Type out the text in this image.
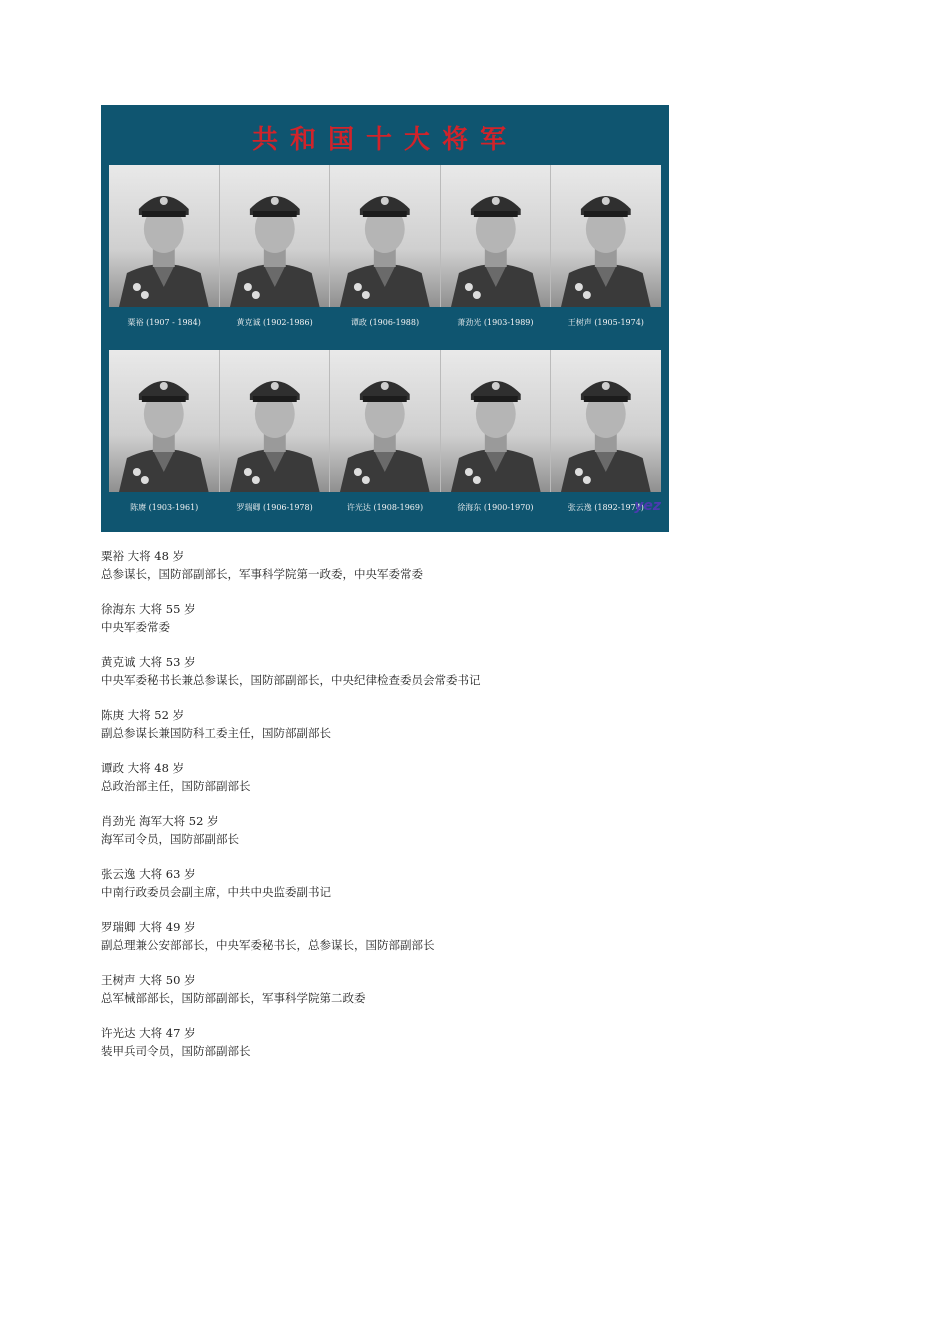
共和国十大将军
粟裕 (1907 - 1984)	黄克诚 (1902-1986)	谭政 (1906-1988)	萧劲光 (1903-1989)	王树声 (1905-1974)
陈赓 (1903-1961)	罗瑞卿 (1906-1978)	许光达 (1908-1969)	徐海东 (1900-1970)	张云逸 (1892-1974)
yez
粟裕 大将 48 岁
总参谋长，国防部副部长，军事科学院第一政委，中央军委常委
徐海东 大将 55 岁
中央军委常委
黄克诚 大将 53 岁
中央军委秘书长兼总参谋长，国防部副部长，中央纪律检查委员会常委书记
陈庚 大将 52 岁
副总参谋长兼国防科工委主任，国防部副部长
谭政 大将 48 岁
总政治部主任，国防部副部长
肖劲光 海军大将 52 岁
海军司令员，国防部副部长
张云逸 大将 63 岁
中南行政委员会副主席，中共中央监委副书记
罗瑞卿 大将 49 岁
副总理兼公安部部长，中央军委秘书长，总参谋长，国防部副部长
王树声 大将 50 岁
总军械部部长，国防部副部长，军事科学院第二政委
许光达 大将 47 岁
装甲兵司令员，国防部副部长
